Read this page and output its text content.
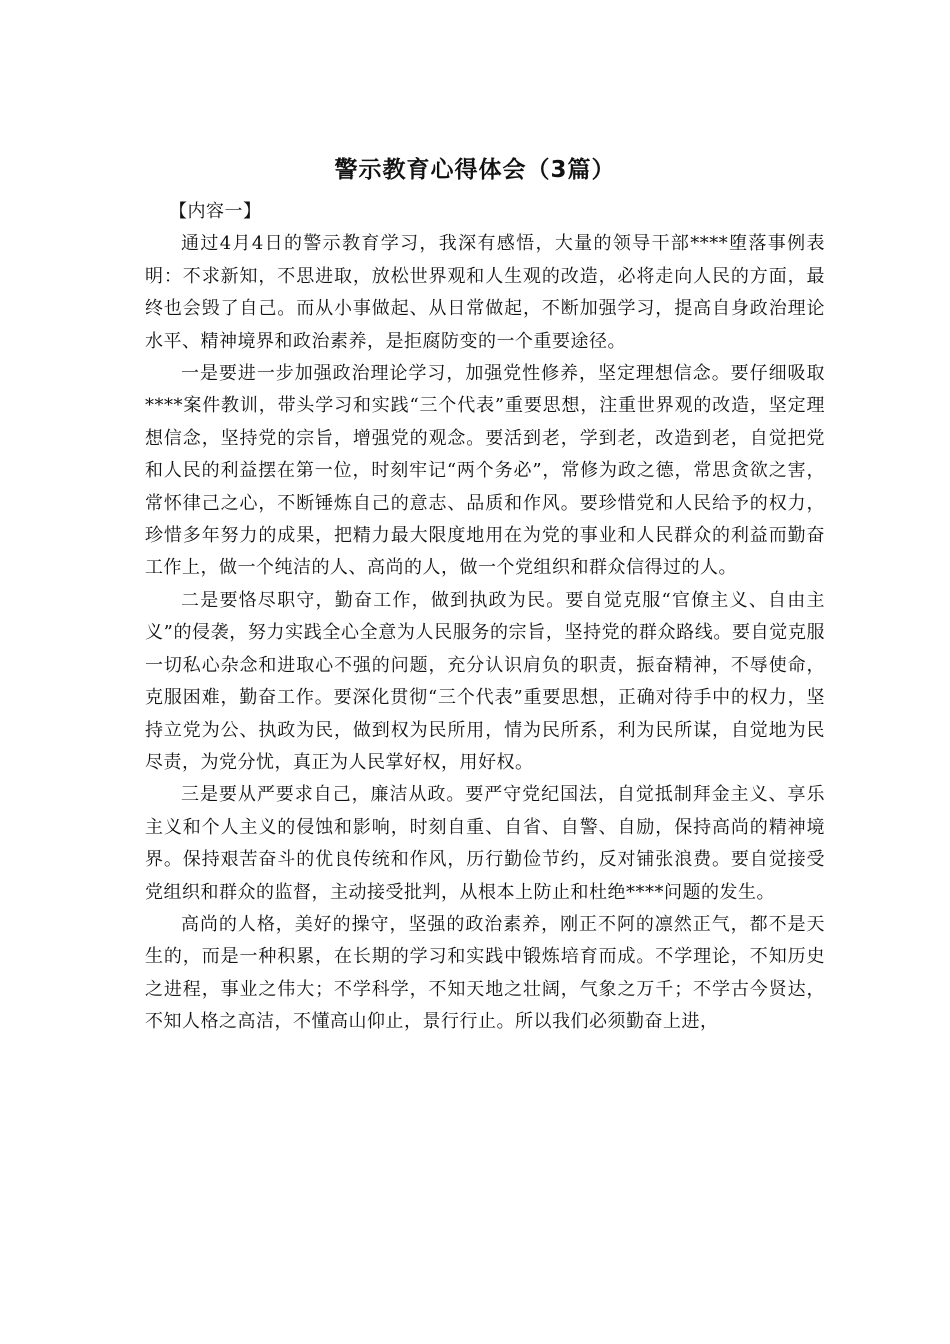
警示教育心得体会（3篇）

【内容一】

通过4月4日的警示教育学习，我深有感悟，大量的领导干部****堕落事例表明：不求新知，不思进取，放松世界观和人生观的改造，必将走向人民的方面，最终也会毁了自己。而从小事做起、从日常做起，不断加强学习，提高自身政治理论水平、精神境界和政治素养，是拒腐防变的一个重要途径。

一是要进一步加强政治理论学习，加强党性修养，坚定理想信念。要仔细吸取****案件教训，带头学习和实践“三个代表”重要思想，注重世界观的改造，坚定理想信念，坚持党的宗旨，增强党的观念。要活到老，学到老，改造到老，自觉把党和人民的利益摆在第一位，时刻牢记“两个务必”，常修为政之德，常思贪欲之害，常怀律己之心，不断锤炼自己的意志、品质和作风。要珍惜党和人民给予的权力，珍惜多年努力的成果，把精力最大限度地用在为党的事业和人民群众的利益而勤奋工作上，做一个纯洁的人、高尚的人，做一个党组织和群众信得过的人。

二是要恪尽职守，勤奋工作，做到执政为民。要自觉克服“官僚主义、自由主义”的侵袭，努力实践全心全意为人民服务的宗旨，坚持党的群众路线。要自觉克服一切私心杂念和进取心不强的问题，充分认识肩负的职责，振奋精神，不辱使命，克服困难，勤奋工作。要深化贯彻“三个代表”重要思想，正确对待手中的权力，坚持立党为公、执政为民，做到权为民所用，情为民所系，利为民所谋，自觉地为民尽责，为党分忧，真正为人民掌好权，用好权。

三是要从严要求自己，廉洁从政。要严守党纪国法，自觉抵制拜金主义、享乐主义和个人主义的侵蚀和影响，时刻自重、自省、自警、自励，保持高尚的精神境界。保持艰苦奋斗的优良传统和作风，历行勤俭节约，反对铺张浪费。要自觉接受党组织和群众的监督，主动接受批判，从根本上防止和杜绝****问题的发生。

高尚的人格，美好的操守，坚强的政治素养，刚正不阿的凛然正气，都不是天生的，而是一种积累，在长期的学习和实践中锻炼培育而成。不学理论，不知历史之进程，事业之伟大；不学科学，不知天地之壮阔，气象之万千；不学古今贤达，不知人格之高洁，不懂高山仰止，景行行止。所以我们必须勤奋上进，
